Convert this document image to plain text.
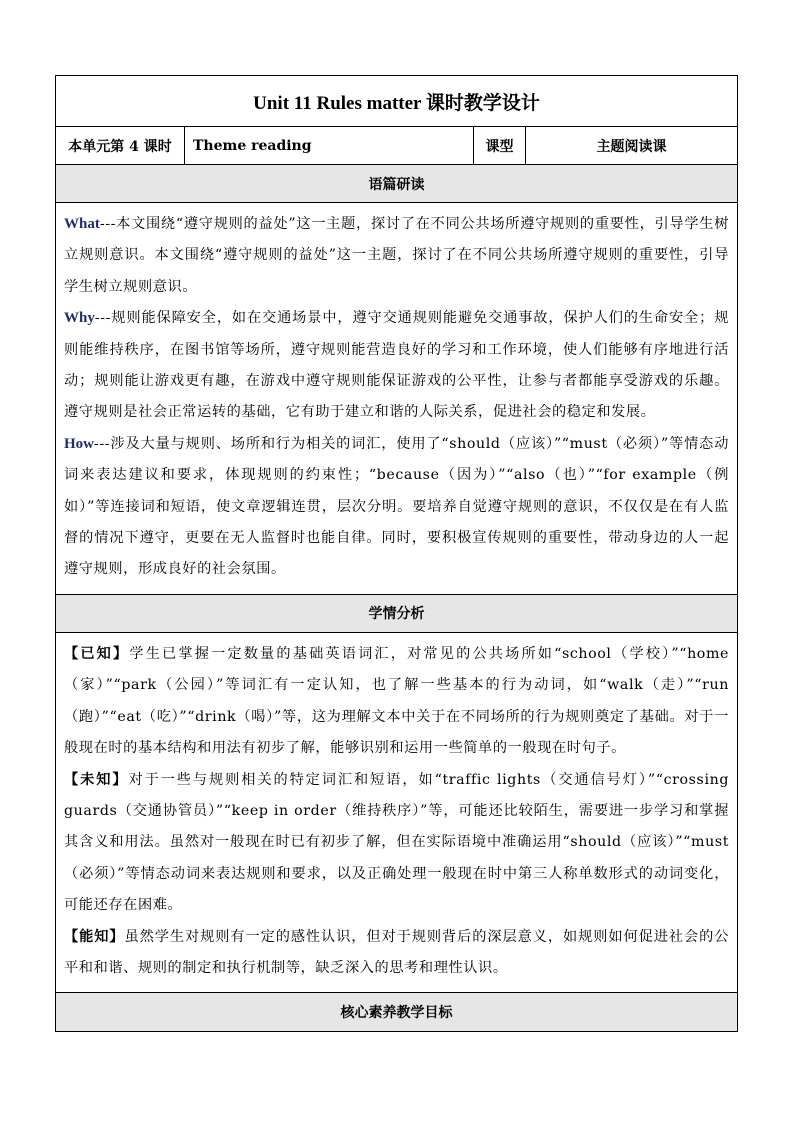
Unit 11 Rules matter 课时教学设计
本单元第 4 课时	Theme reading	课型	主题阅读课
语篇研读

What---本文围绕“遵守规则的益处”这一主题，探讨了在不同公共场所遵守规则的重要性，引导学生树立规则意识。本文围绕“遵守规则的益处”这一主题，探讨了在不同公共场所遵守规则的重要性，引导学生树立规则意识。

Why---规则能保障安全，如在交通场景中，遵守交通规则能避免交通事故，保护人们的生命安全；规则能维持秩序，在图书馆等场所，遵守规则能营造良好的学习和工作环境，使人们能够有序地进行活动；规则能让游戏更有趣，在游戏中遵守规则能保证游戏的公平性，让参与者都能享受游戏的乐趣。遵守规则是社会正常运转的基础，它有助于建立和谐的人际关系，促进社会的稳定和发展。

How---涉及大量与规则、场所和行为相关的词汇，使用了“should（应该）”“must（必须）”等情态动词来表达建议和要求，体现规则的约束性；“because（因为）”“also（也）”“for example（例如）”等连接词和短语，使文章逻辑连贯，层次分明。要培养自觉遵守规则的意识，不仅仅是在有人监督的情况下遵守，更要在无人监督时也能自律。同时，要积极宣传规则的重要性，带动身边的人一起遵守规则，形成良好的社会氛围。

学情分析

【已知】学生已掌握一定数量的基础英语词汇，对常见的公共场所如“school（学校）”“home（家）”“park（公园）”等词汇有一定认知，也了解一些基本的行为动词，如“walk（走）”“run（跑）”“eat（吃）”“drink（喝）”等，这为理解文本中关于在不同场所的行为规则奠定了基础。对于一般现在时的基本结构和用法有初步了解，能够识别和运用一些简单的一般现在时句子。

【未知】对于一些与规则相关的特定词汇和短语，如“traffic lights（交通信号灯）”“crossing guards（交通协管员）”“keep in order（维持秩序）”等，可能还比较陌生，需要进一步学习和掌握其含义和用法。虽然对一般现在时已有初步了解，但在实际语境中准确运用“should（应该）”“must（必须）”等情态动词来表达规则和要求，以及正确处理一般现在时中第三人称单数形式的动词变化，可能还存在困难。

【能知】虽然学生对规则有一定的感性认识，但对于规则背后的深层意义，如规则如何促进社会的公平和和谐、规则的制定和执行机制等，缺乏深入的思考和理性认识。

核心素养教学目标
